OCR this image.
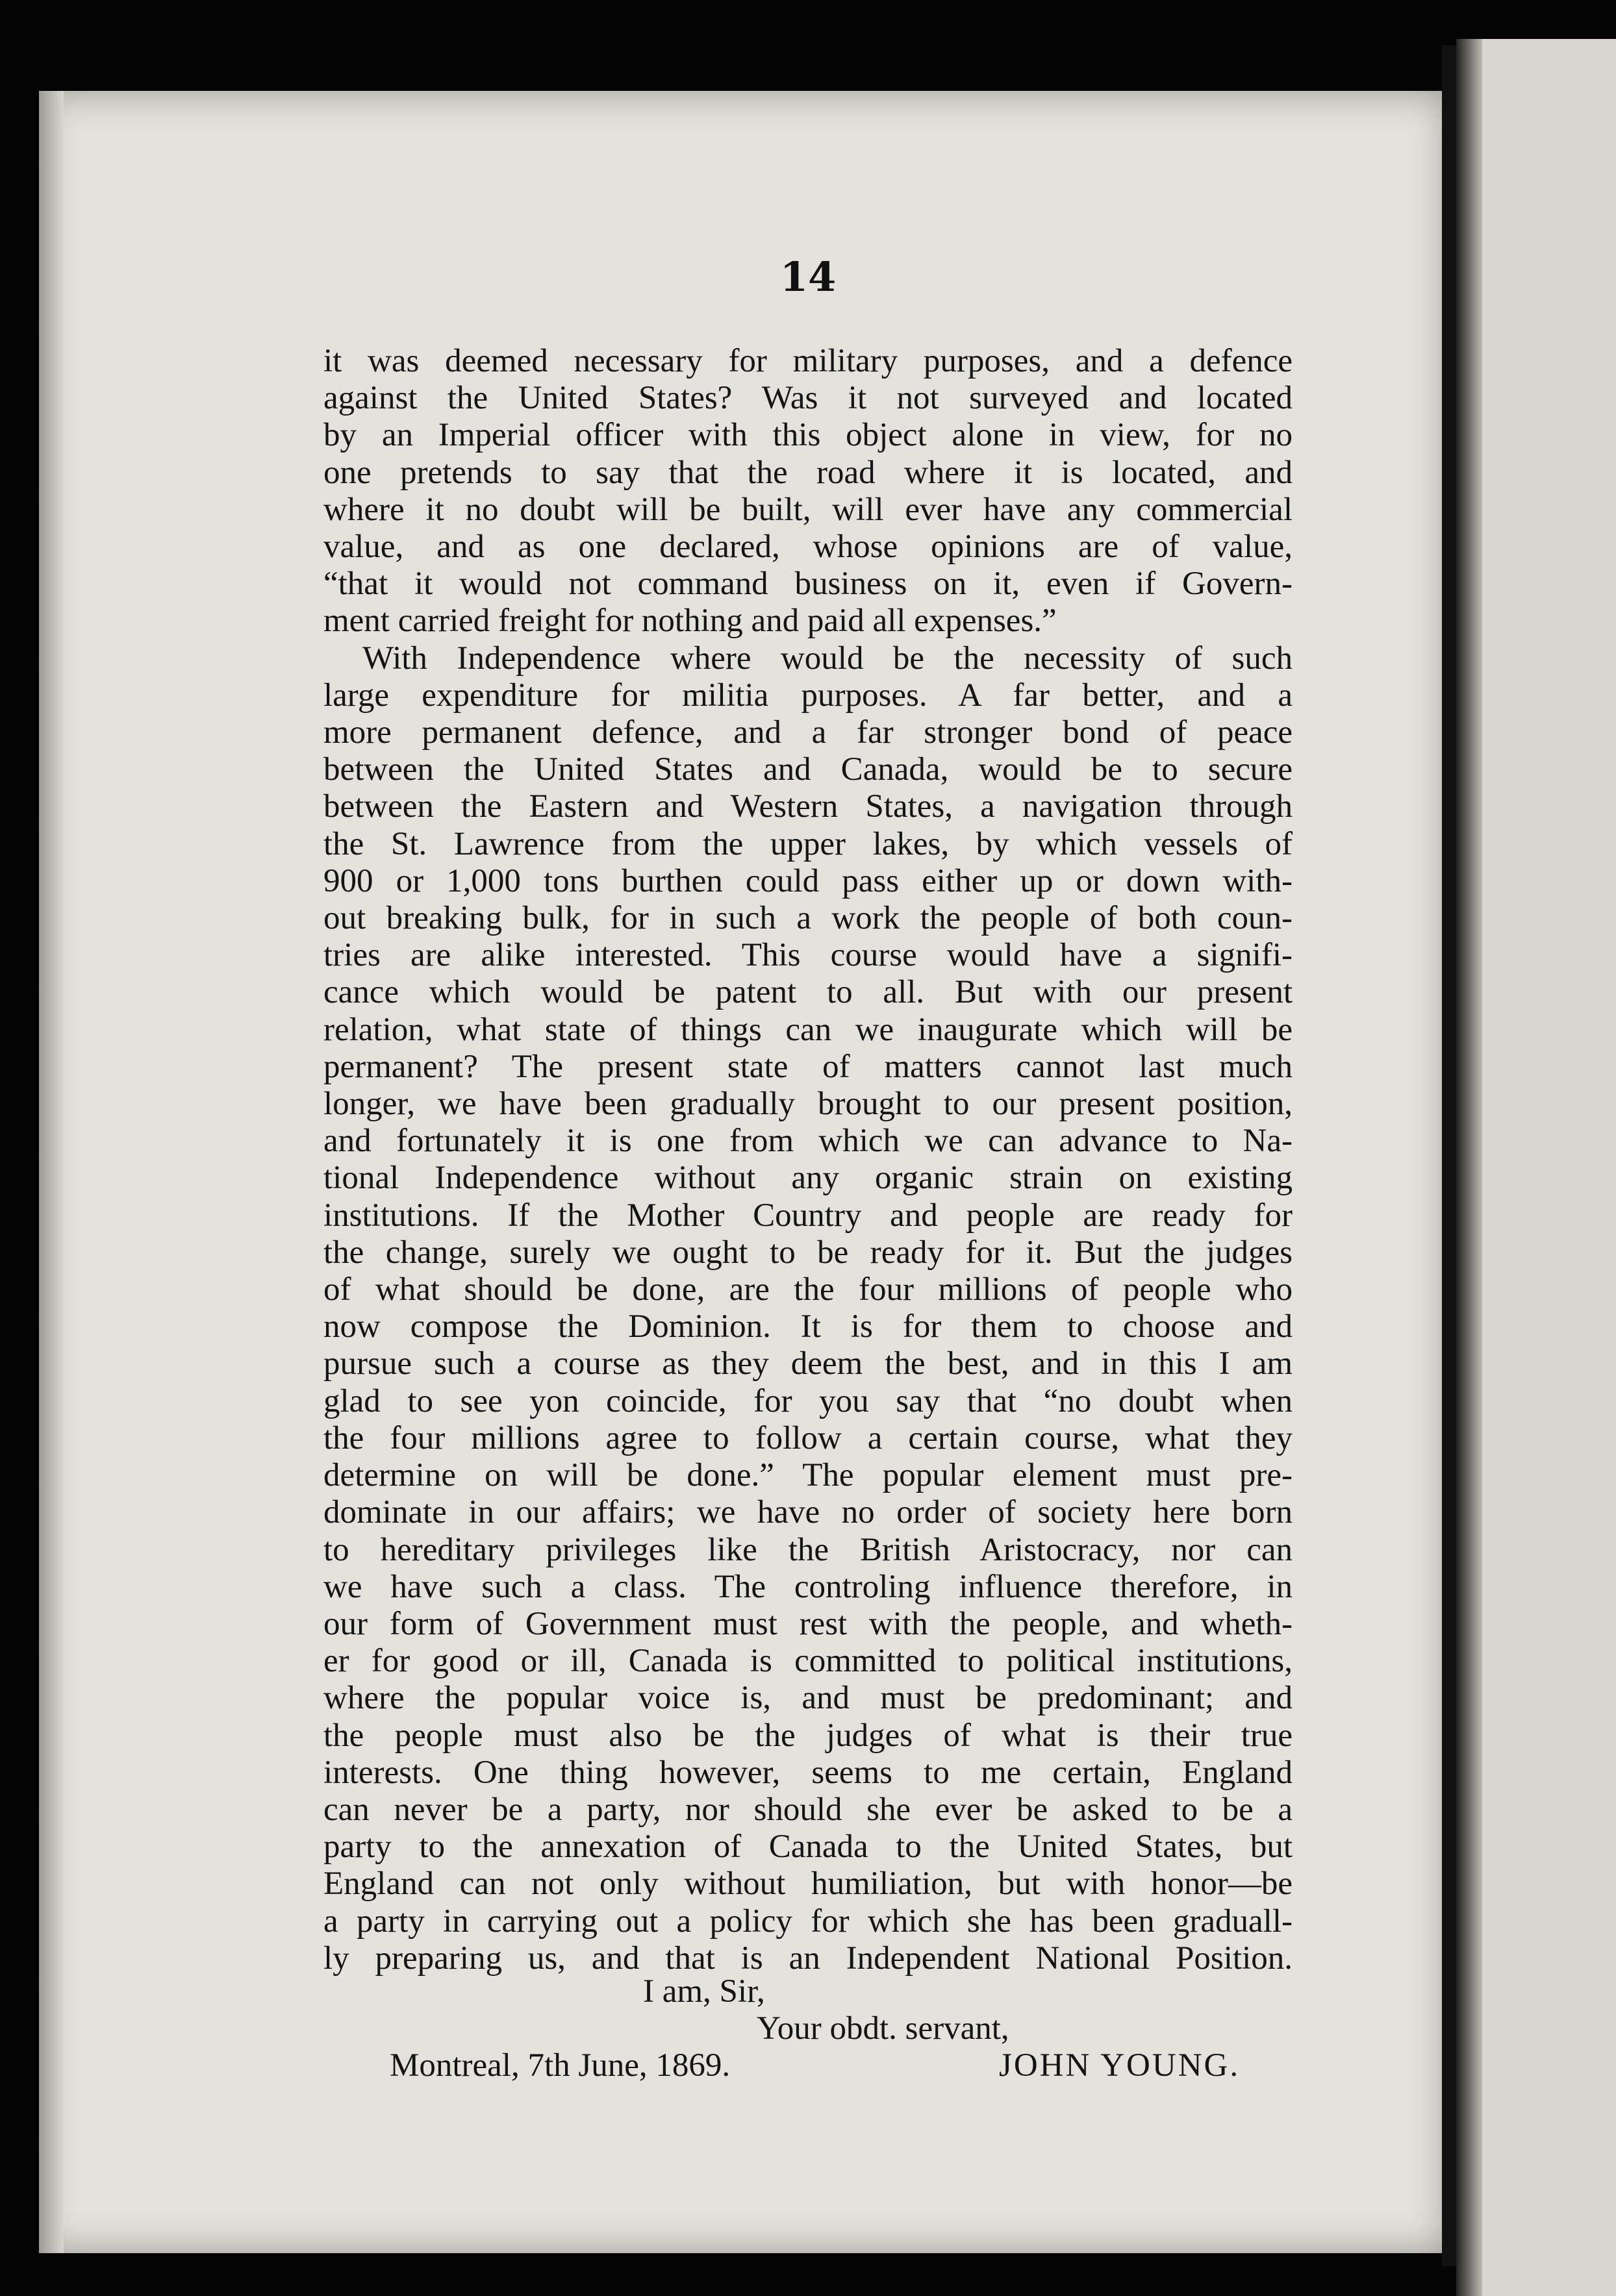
14
it was deemed necessary for military purposes, and a defence
against the United States? Was it not surveyed and located
by an Imperial officer with this object alone in view, for no
one pretends to say that the road where it is located, and
where it no doubt will be built, will ever have any commercial
value, and as one declared, whose opinions are of value,
“that it would not command business on it, even if Govern-
ment carried freight for nothing and paid all expenses.”
With Independence where would be the necessity of such
large expenditure for militia purposes. A far better, and a
more permanent defence, and a far stronger bond of peace
between the United States and Canada, would be to secure
between the Eastern and Western States, a navigation through
the St. Lawrence from the upper lakes, by which vessels of
900 or 1,000 tons burthen could pass either up or down with-
out breaking bulk, for in such a work the people of both coun-
tries are alike interested. This course would have a signifi-
cance which would be patent to all. But with our present
relation, what state of things can we inaugurate which will be
permanent? The present state of matters cannot last much
longer, we have been gradually brought to our present position,
and fortunately it is one from which we can advance to Na-
tional Independence without any organic strain on existing
institutions. If the Mother Country and people are ready for
the change, surely we ought to be ready for it. But the judges
of what should be done, are the four millions of people who
now compose the Dominion. It is for them to choose and
pursue such a course as they deem the best, and in this I am
glad to see yon coincide, for you say that “no doubt when
the four millions agree to follow a certain course, what they
determine on will be done.” The popular element must pre-
dominate in our affairs; we have no order of society here born
to hereditary privileges like the British Aristocracy, nor can
we have such a class. The controling influence therefore, in
our form of Government must rest with the people, and wheth-
er for good or ill, Canada is committed to political institutions,
where the popular voice is, and must be predominant; and
the people must also be the judges of what is their true
interests. One thing however, seems to me certain, England
can never be a party, nor should she ever be asked to be a
party to the annexation of Canada to the United States, but
England can not only without humiliation, but with honor—be
a party in carrying out a policy for which she has been graduall-
ly preparing us, and that is an Independent National Position.
I am, Sir,
Your obdt. servant,
Montreal, 7th June, 1869.	JOHN YOUNG.
